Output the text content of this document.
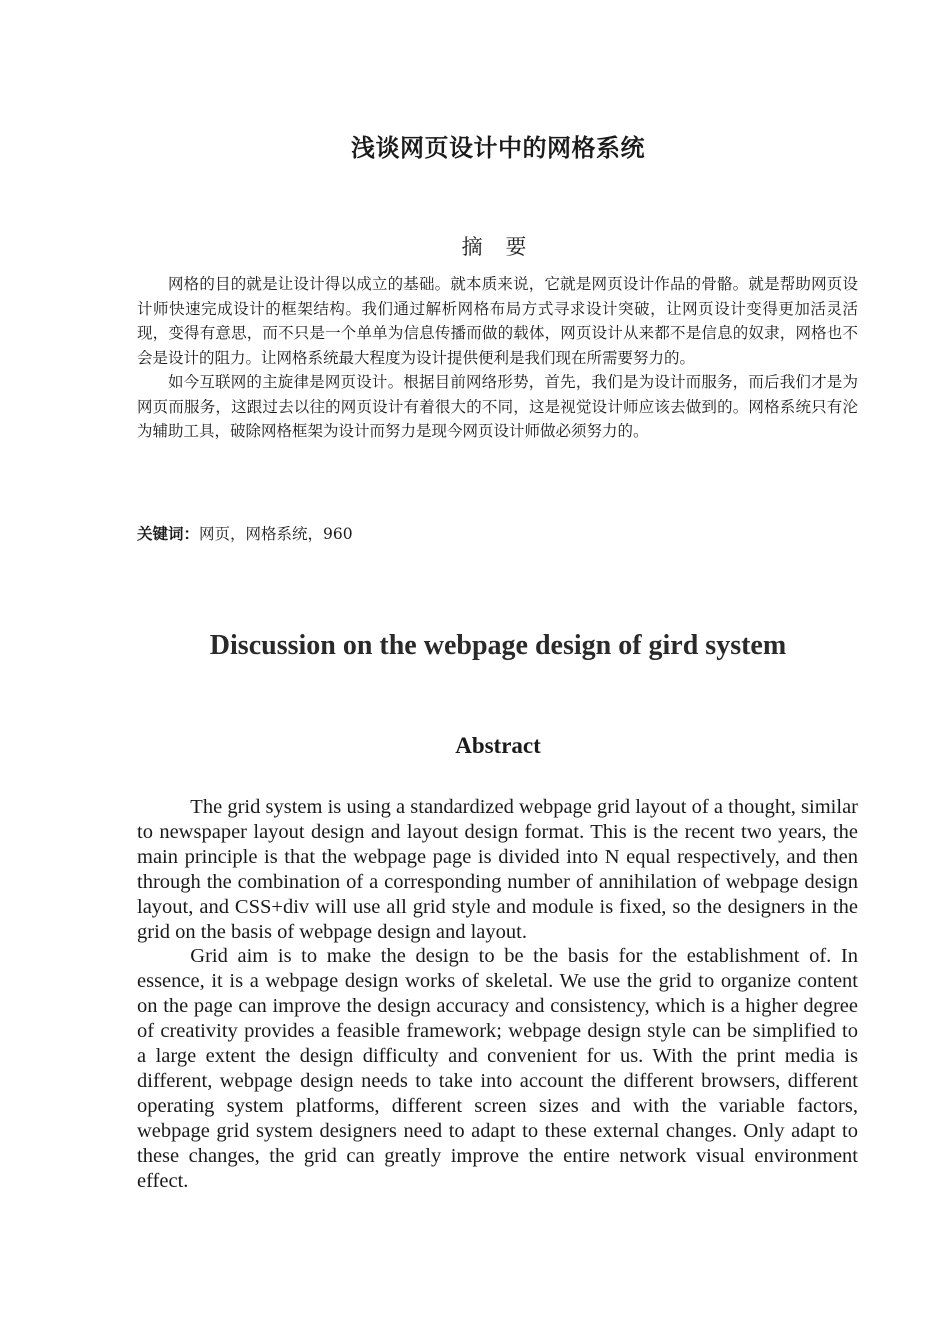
浅谈网页设计中的网格系统
摘 要

网格的目的就是让设计得以成立的基础。就本质来说，它就是网页设计作品的骨骼。就是帮助网页设计师快速完成设计的框架结构。我们通过解析网格布局方式寻求设计突破，让网页设计变得更加活灵活现，变得有意思，而不只是一个单单为信息传播而做的载体，网页设计从来都不是信息的奴隶，网格也不会是设计的阻力。让网格系统最大程度为设计提供便利是我们现在所需要努力的。

如今互联网的主旋律是网页设计。根据目前网络形势，首先，我们是为设计而服务，而后我们才是为网页而服务，这跟过去以往的网页设计有着很大的不同，这是视觉设计师应该去做到的。网格系统只有沦为辅助工具，破除网格框架为设计而努力是现今网页设计师做必须努力的。

关键词：网页，网格系统，960
Discussion on the webpage design of gird system
Abstract

The grid system is using a standardized webpage grid layout of a thought, similar to newspaper layout design and layout design format. This is the recent two years, the main principle is that the webpage page is divided into N equal respectively, and then through the combination of a corresponding number of annihilation of webpage design layout, and CSS+div will use all grid style and module is fixed, so the designers in the grid on the basis of webpage design and layout.

Grid aim is to make the design to be the basis for the establishment of. In essence, it is a webpage design works of skeletal. We use the grid to organize content on the page can improve the design accuracy and consistency, which is a higher degree of creativity provides a feasible framework; webpage design style can be simplified to a large extent the design difficulty and convenient for us. With the print media is different, webpage design needs to take into account the different browsers, different operating system platforms, different screen sizes and with the variable factors, webpage grid system designers need to adapt to these external changes. Only adapt to these changes, the grid can greatly improve the entire network visual environment effect.
